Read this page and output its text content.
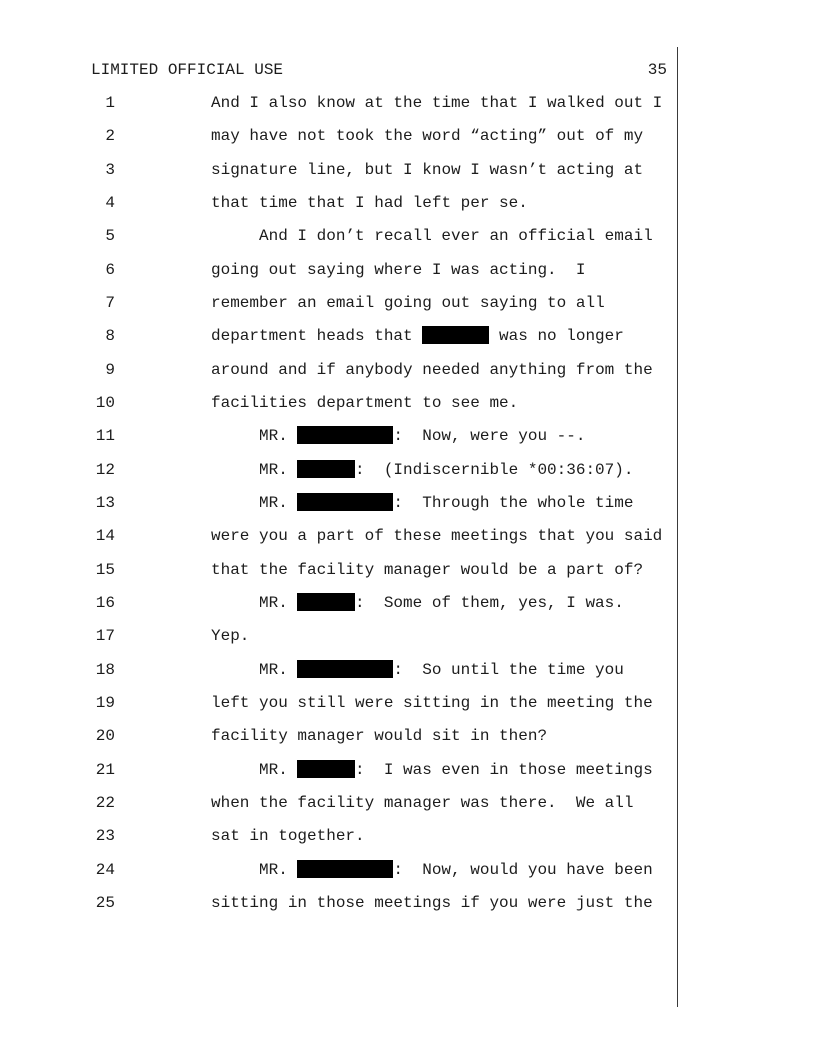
LIMITED OFFICIAL USE	35
1	And I also know at the time that I walked out I
2	may have not took the word “acting” out of my
3	signature line, but I know I wasn’t acting at
4	that time that I had left per se.
5	And I don’t recall ever an official email
6	going out saying where I was acting.  I
7	remember an email going out saying to all
8	department heads that	was no longer
9	around and if anybody needed anything from the
10	facilities department to see me.
11	MR.	:  Now, were you --.
12	MR.	:  (Indiscernible *00:36:07).
13	MR.	:  Through the whole time
14	were you a part of these meetings that you said
15	that the facility manager would be a part of?
16	MR.	:  Some of them, yes, I was.
17	Yep.
18	MR.	:  So until the time you
19	left you still were sitting in the meeting the
20	facility manager would sit in then?
21	MR.	:  I was even in those meetings
22	when the facility manager was there.  We all
23	sat in together.
24	MR.	:  Now, would you have been
25	sitting in those meetings if you were just the
